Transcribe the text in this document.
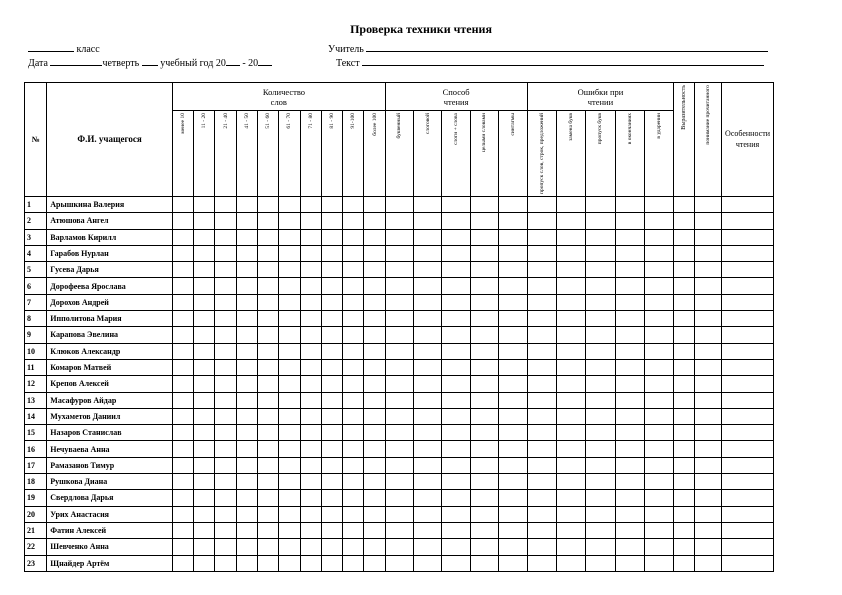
Проверка техники чтения
класс	Учитель
Дата	четверть учебный год 20 - 20	Текст
№	Ф.И. учащегося	Количество слов										Способ чтения					Ошибки при чтении					Выразительность	понимание прочитанного	Особенности чтения
		менее 10	11 - 20	21 - 40	41 - 50	51 - 60	61 - 70	71 - 80	81 - 90	91-100	более 100	буквенный	слоговой	слоги + слова	целыми словами	синтагмы	пропуск слов, строк, предложений	замена букв	пропуск букв	в окончаниях	в ударении			
1	Арышкина Валерия																							
2	Атюшова Ангел																							
3	Варламов Кирилл																							
4	Гарабов Нурлан																							
5	Гусева Дарья																							
6	Дорофеева Ярослава																							
7	Дорохов Андрей																							
8	Ипполитова Мария																							
9	Карапова Эвелина																							
10	Клюков Александр																							
11	Комаров Матвей																							
12	Крепов Алексей																							
13	Масафуров Айдар																							
14	Мухаметов Даниил																							
15	Назаров Станислав																							
16	Нечуваева Анна																							
17	Рамазанов Тимур																							
18	Рушкова Диана																							
19	Свердлова Дарья																							
20	Урих Анастасия																							
21	Фатин Алексей																							
22	Шевченко Анна																							
23	Щнайдер Артём																							
